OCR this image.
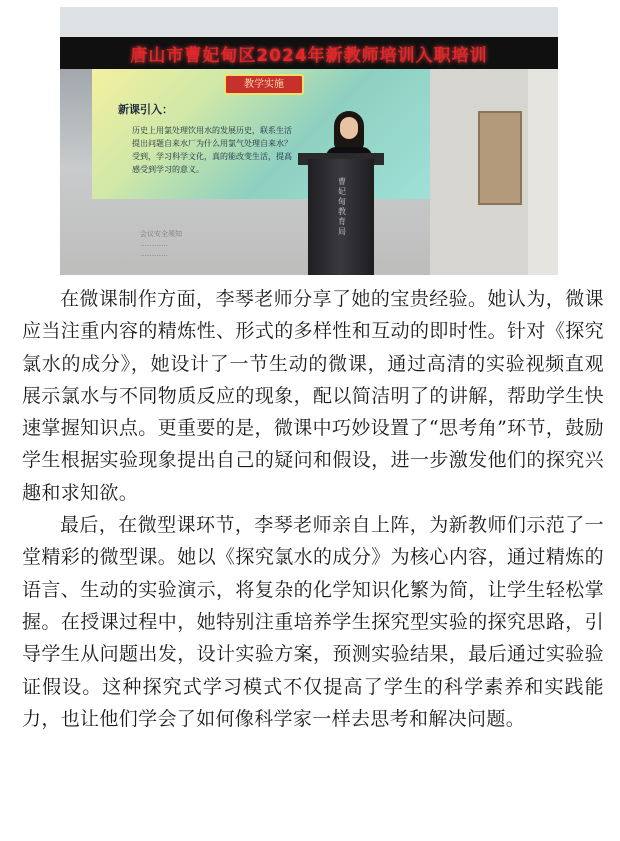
唐山市曹妃甸区2024年新教师培训入职培训
教学实施
新课引入：
历史上用氯处理饮用水的发展历史，联系生活
提出问题自来水厂为什么用氯气处理自来水？
受到，学习科学文化，真的能改变生活，提高
感受到学习的意义。
曹妃甸教育局
会议安全须知
…………
…………

在微课制作方面，李琴老师分享了她的宝贵经验。她认为，微课应当注重内容的精炼性、形式的多样性和互动的即时性。针对《探究氯水的成分》，她设计了一节生动的微课，通过高清的实验视频直观展示氯水与不同物质反应的现象，配以简洁明了的讲解，帮助学生快速掌握知识点。更重要的是，微课中巧妙设置了“思考角”环节，鼓励学生根据实验现象提出自己的疑问和假设，进一步激发他们的探究兴趣和求知欲。

最后，在微型课环节，李琴老师亲自上阵，为新教师们示范了一堂精彩的微型课。她以《探究氯水的成分》为核心内容，通过精炼的语言、生动的实验演示，将复杂的化学知识化繁为简，让学生轻松掌握。在授课过程中，她特别注重培养学生探究型实验的探究思路，引导学生从问题出发，设计实验方案，预测实验结果，最后通过实验验证假设。这种探究式学习模式不仅提高了学生的科学素养和实践能力，也让他们学会了如何像科学家一样去思考和解决问题。
